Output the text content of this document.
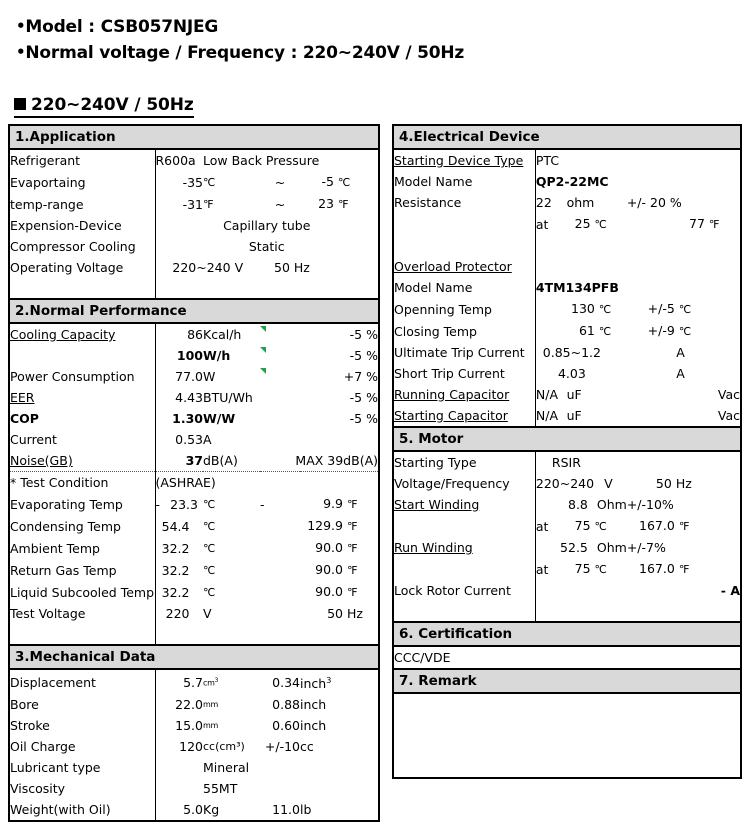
•Model : CSB057NJEG
•Normal voltage / Frequency : 220~240V / 50Hz
220~240V / 50Hz
1.Application				
Refrigerant	R600a	Low Back Pressure		
Evaportaing	-35	℃	~	-5 ℃
temp-range	-31	℉	~	23 ℉
Expension-Device	Capillary tube			
Compressor Cooling	Static			
Operating Voltage	220~240 V		50 Hz	

2.Normal Performance				
Cooling Capacity	86	Kcal/h		-5 %
	100	W/h		-5 %
Power Consumption	77.0	W		+7 %
EER	4.43	BTU/Wh		-5 %
COP	1.30	W/W		-5 %
Current	0.53	A		
Noise(GB)	37	dB(A)	MAX 39dB(A)	
* Test Condition	(ASHRAE)			
Evaporating Temp	- 23.3	℃	-	9.9 ℉
Condensing Temp	54.4	℃		129.9 ℉
Ambient Temp	32.2	℃		90.0 ℉
Return Gas Temp	32.2	℃		90.0 ℉
Liquid Subcooled Temp	32.2	℃		90.0 ℉
Test Voltage	220	V		50 Hz

3.Mechanical Data				
Displacement	5.7	$cm^3$	0.34	inch$^3$
Bore	22.0	mm	0.88	inch
Stroke	15.0	mm	0.60	inch
Oil Charge	120	cc(cm³)	+/-10	cc
Lubricant type		Mineral		
Viscosity		55MT		
Weight(with Oil)	5.0	Kg	11.0	lb
4.Electrical Device				
Starting Device Type	PTC			
Model Name	QP2-22MC			
Resistance	22	ohm	+/- 20 %	
	at	25 ℃		77 ℉

Overload Protector				
Model Name	4TM134PFB			
Openning Temp	130 ℃		+/-5 ℃	
Closing Temp	61 ℃		+/-9 ℃	
Ultimate Trip Current	0.85~1.2		A	
Short Trip Current	4.03		A	
Running Capacitor	N/A	uF	Vac	
Starting Capacitor	N/A	uF	Vac	
5. Motor				
Starting Type	RSIR			
Voltage/Frequency	220~240 V		50 Hz	
Start Winding	8.8 Ohm		+/-10%	
	at	75 ℃	167.0 ℉	
Run Winding	52.5 Ohm		+/-7%	
	at	75 ℃	167.0 ℉	
Lock Rotor Current	- A			

6. Certification				
CCC/VDE				
7. Remark				
